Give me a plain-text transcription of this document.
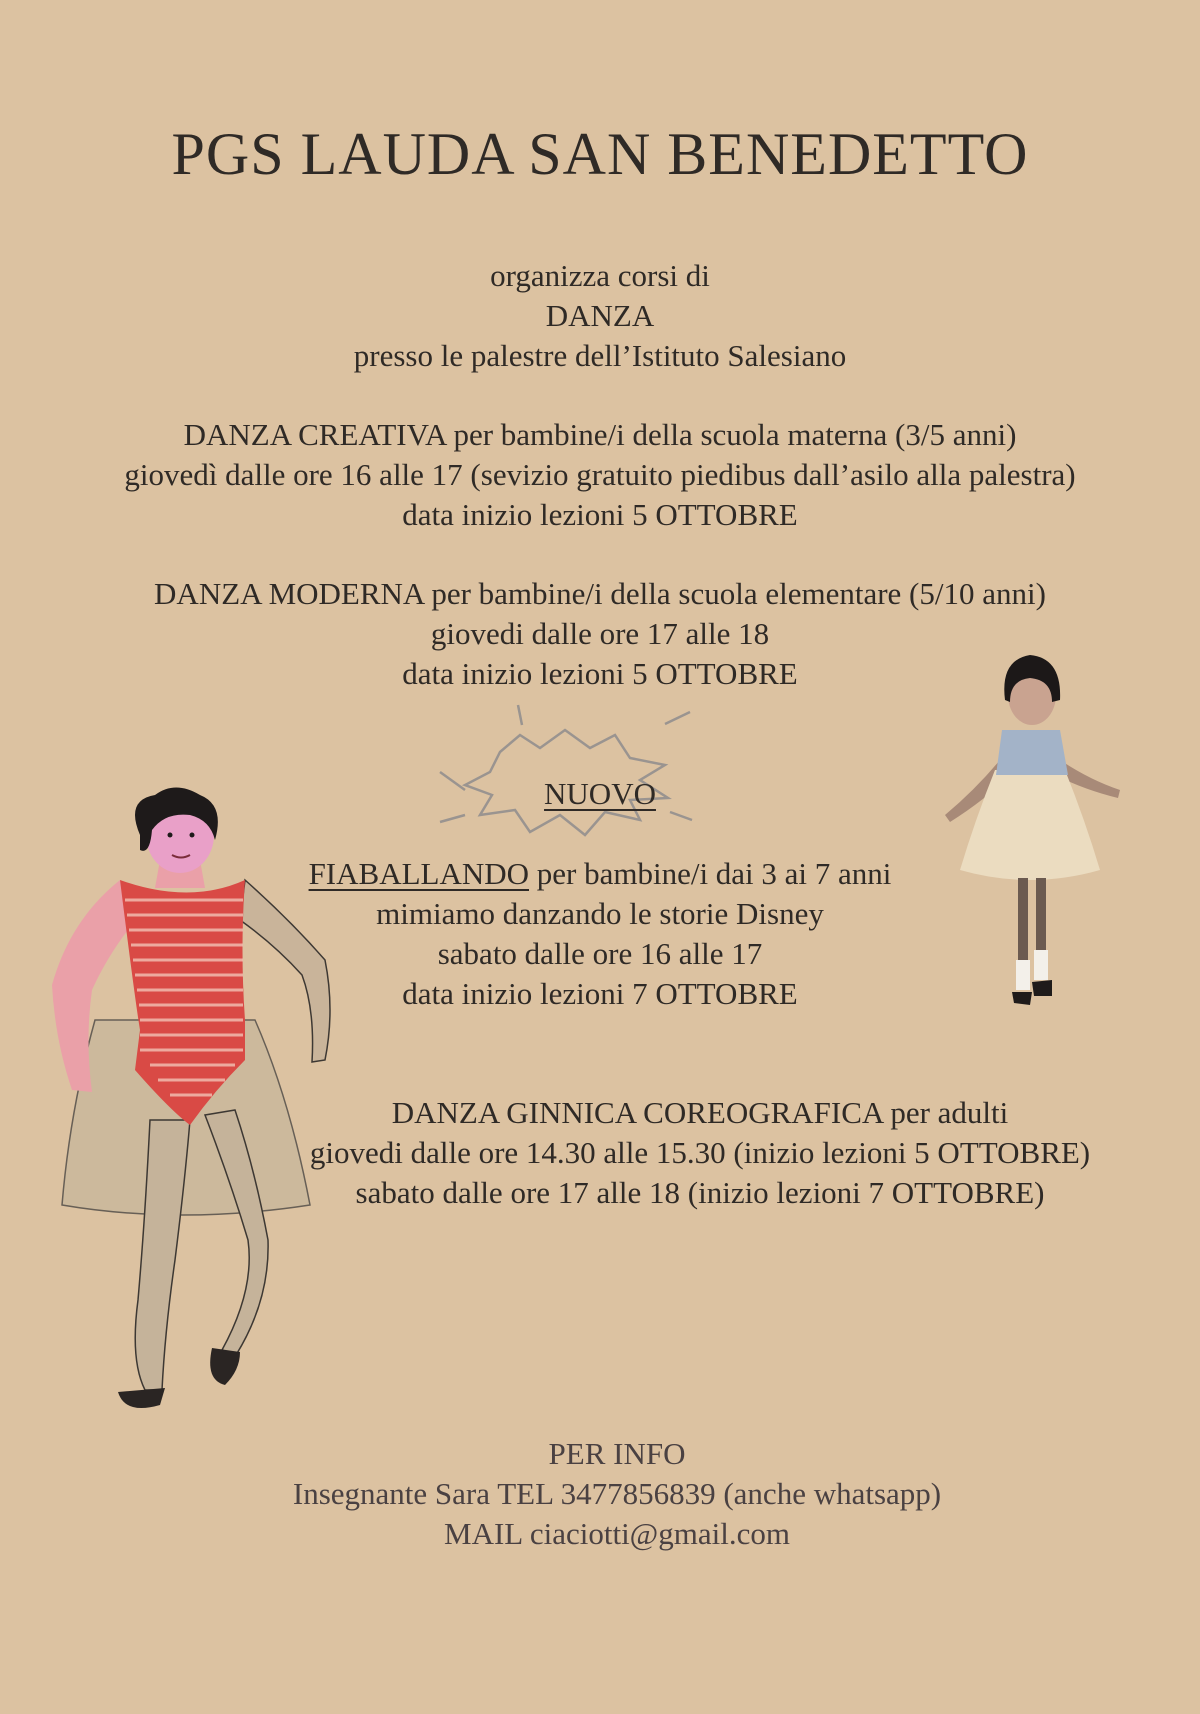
PGS LAUDA SAN BENEDETTO
organizza corsi di
DANZA
presso le palestre dell’Istituto Salesiano
DANZA CREATIVA per bambine/i della scuola materna (3/5 anni)
giovedì dalle ore 16 alle 17 (sevizio gratuito piedibus dall’asilo alla palestra)
data inizio lezioni 5 OTTOBRE
DANZA MODERNA per bambine/i della scuola elementare (5/10 anni)
giovedi dalle ore 17 alle 18
data inizio lezioni 5 OTTOBRE
NUOVO
FIABALLANDO per bambine/i dai 3 ai 7 anni
mimiamo danzando le storie Disney
sabato dalle ore 16 alle 17
data inizio lezioni 7 OTTOBRE
DANZA GINNICA COREOGRAFICA per adulti
giovedi dalle ore 14.30 alle 15.30 (inizio lezioni 5 OTTOBRE)
sabato dalle ore 17 alle 18 (inizio lezioni 7 OTTOBRE)
PER INFO
Insegnante Sara TEL 3477856839 (anche whatsapp)
MAIL ciaciotti@gmail.com
